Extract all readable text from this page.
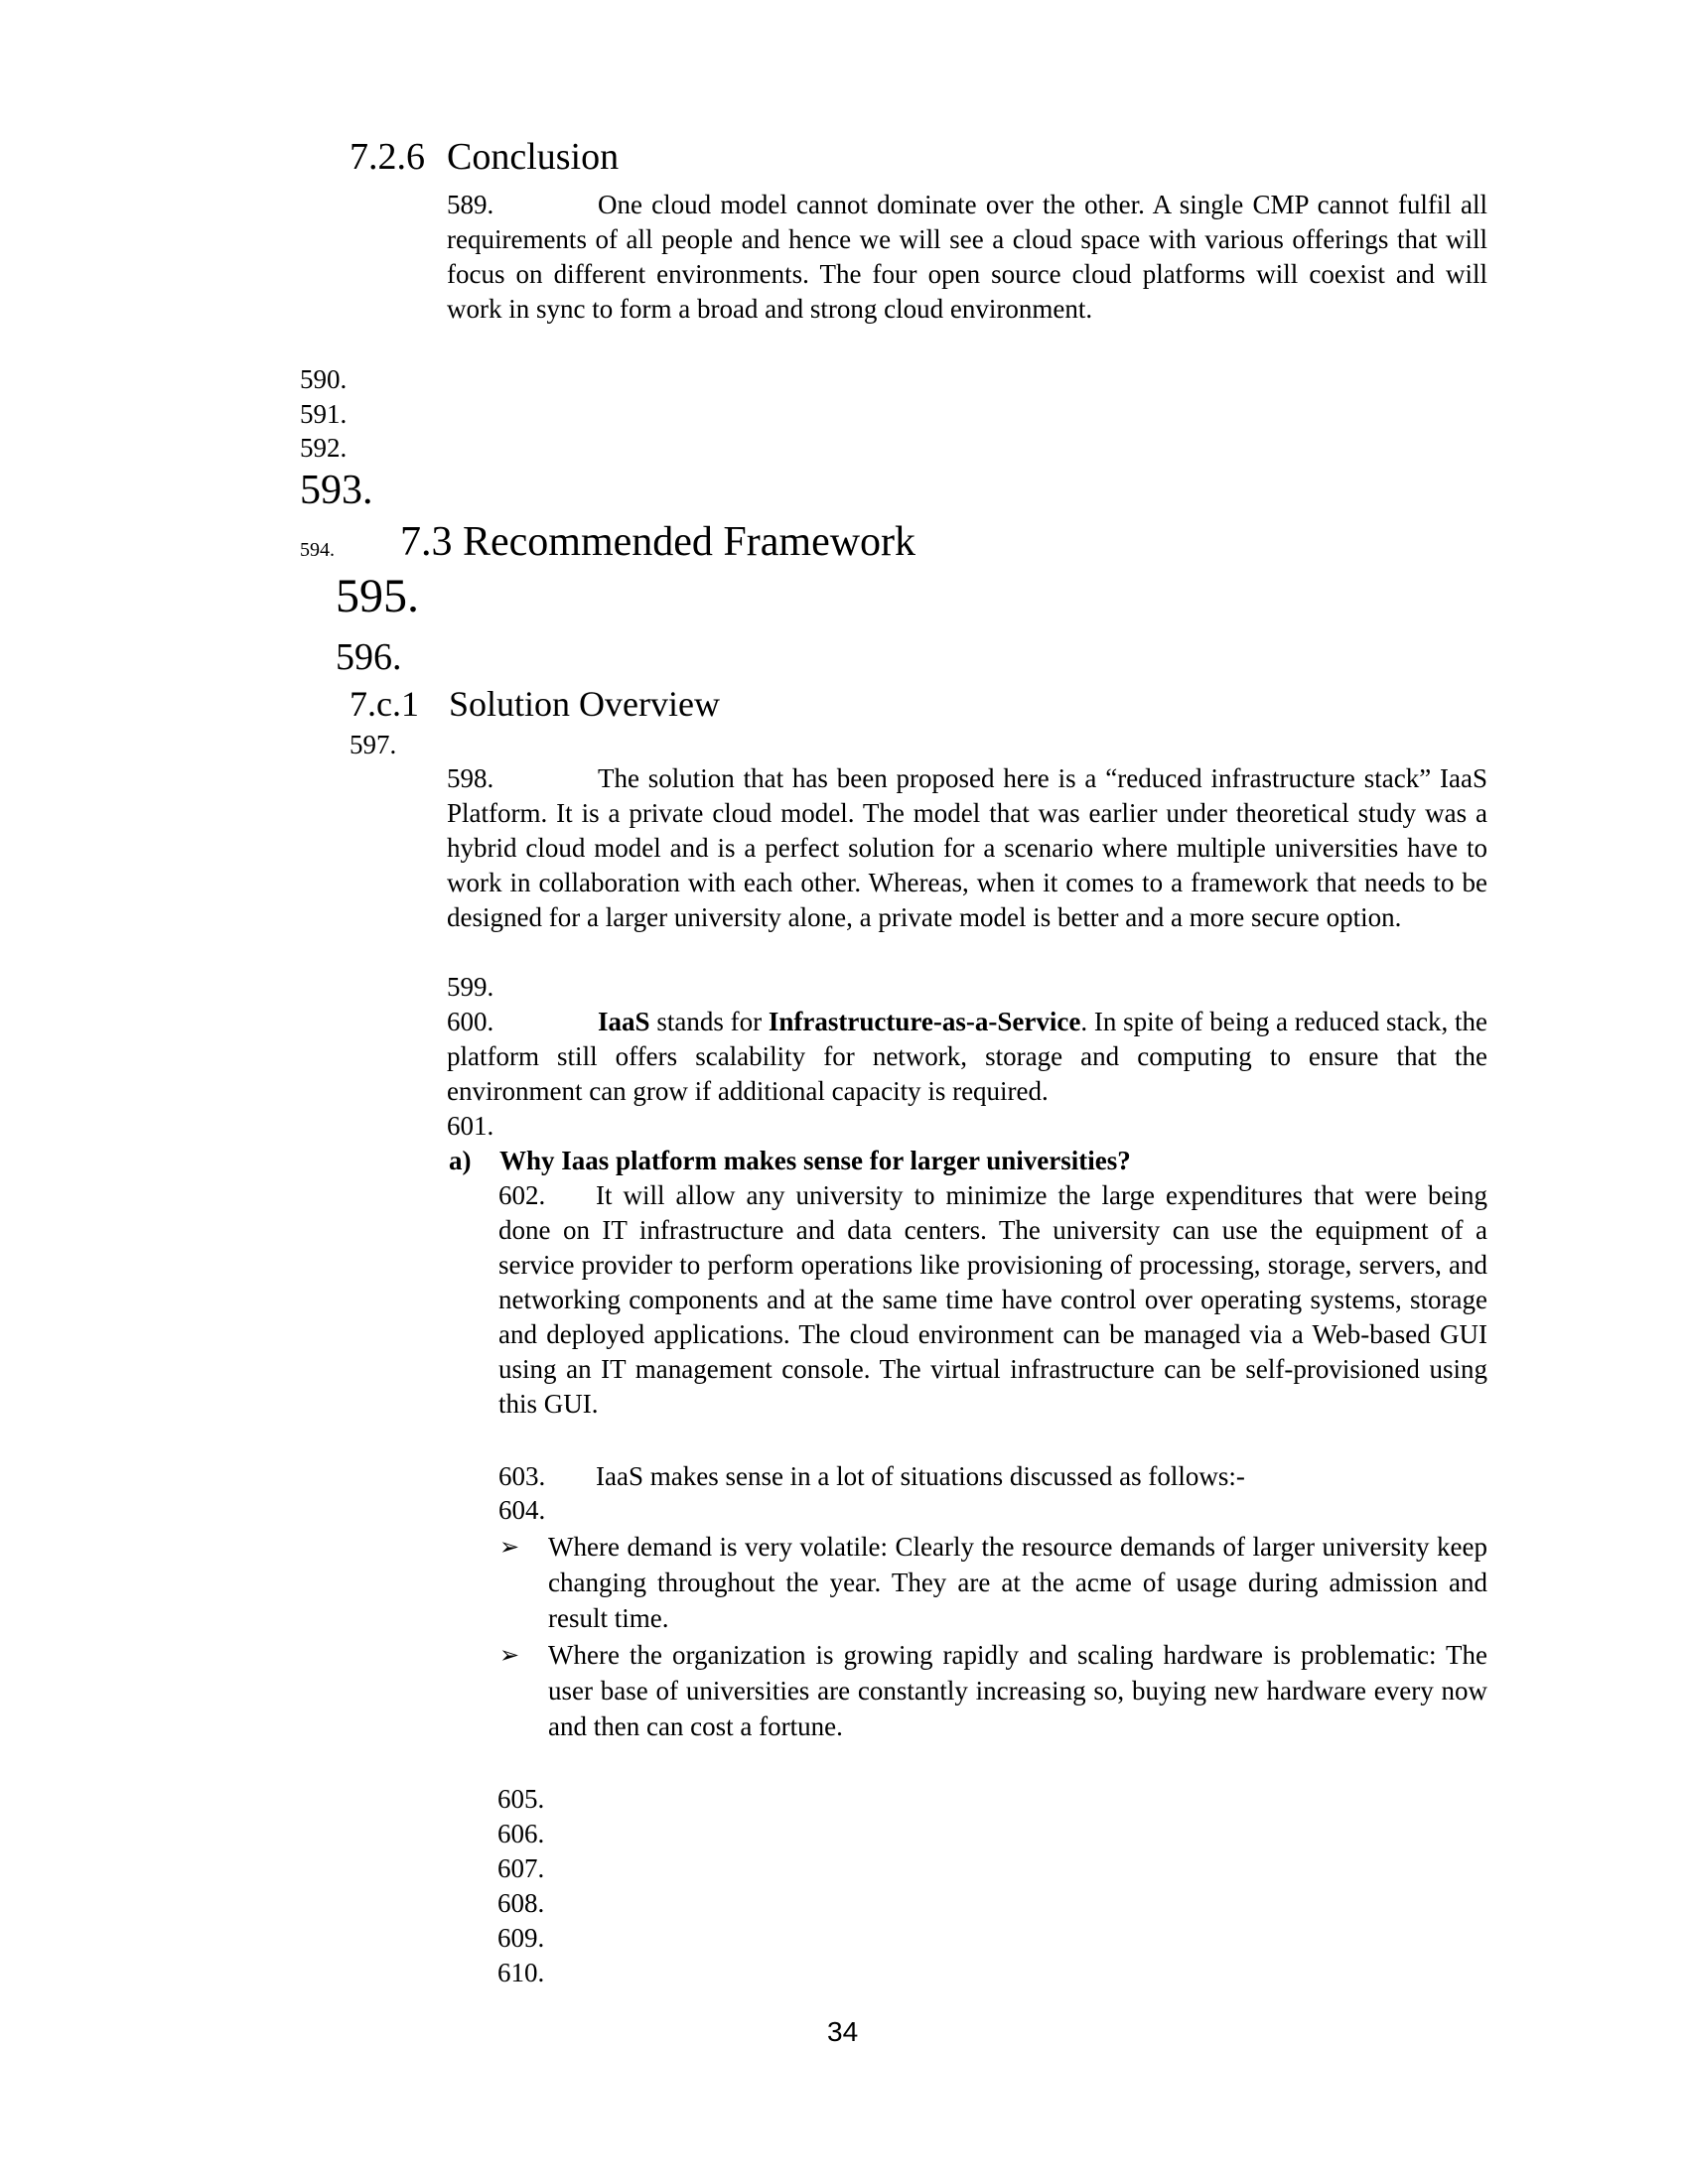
7.2.6 Conclusion
589.	One cloud model cannot dominate over the other. A single CMP cannot fulfil all requirements of all people and hence we will see a cloud space with various offerings that will focus on different environments. The four open source cloud platforms will coexist and will work in sync to form a broad and strong cloud environment.
590.
591.
592.
593.
594. 7.3 Recommended Framework
595.
596.
7.c.1 Solution Overview
597.
598.	The solution that has been proposed here is a “reduced infrastructure stack” IaaS Platform. It is a private cloud model. The model that was earlier under theoretical study was a hybrid cloud model and is a perfect solution for a scenario where multiple universities have to work in collaboration with each other. Whereas, when it comes to a framework that needs to be designed for a larger university alone, a private model is better and a more secure option.
599.
600.	IaaS stands for Infrastructure-as-a-Service. In spite of being a reduced stack, the platform still offers scalability for network, storage and computing to ensure that the environment can grow if additional capacity is required.
601.
a) Why Iaas platform makes sense for larger universities?
602. It will allow any university to minimize the large expenditures that were being done on IT infrastructure and data centers. The university can use the equipment of a service provider to perform operations like provisioning of processing, storage, servers, and networking components and at the same time have control over operating systems, storage and deployed applications. The cloud environment can be managed via a Web-based GUI using an IT management console. The virtual infrastructure can be self-provisioned using this GUI.
603. IaaS makes sense in a lot of situations discussed as follows:-
604.
➢ Where demand is very volatile: Clearly the resource demands of larger university keep changing throughout the year. They are at the acme of usage during admission and result time.
➢ Where the organization is growing rapidly and scaling hardware is problematic: The user base of universities are constantly increasing so, buying new hardware every now and then can cost a fortune.
605.
606.
607.
608.
609.
610.
34
